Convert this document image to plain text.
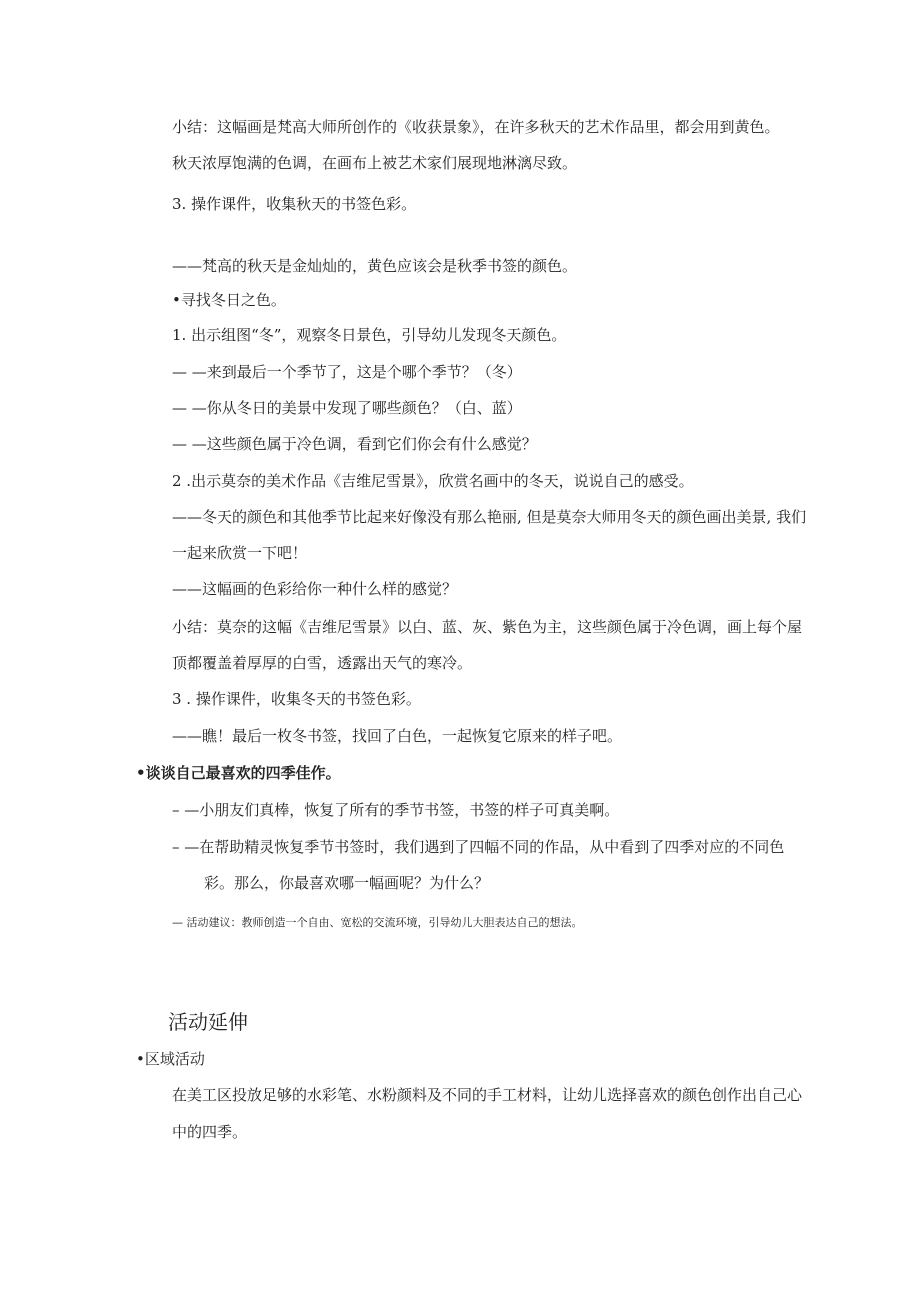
小结：这幅画是梵高大师所创作的《收获景象》，在许多秋天的艺术作品里，都会用到黄色。

秋天浓厚饱满的色调，在画布上被艺术家们展现地淋漓尽致。

3. 操作课件，收集秋天的书签色彩。

——梵高的秋天是金灿灿的，黄色应该会是秋季书签的颜色。

•寻找冬日之色。

1. 出示组图“冬”，观察冬日景色，引导幼儿发现冬天颜色。

— —来到最后一个季节了，这是个哪个季节？（冬）

— —你从冬日的美景中发现了哪些颜色？（白、蓝）

— —这些颜色属于冷色调，看到它们你会有什么感觉？

2 .出示莫奈的美术作品《吉维尼雪景》，欣赏名画中的冬天，说说自己的感受。

——冬天的颜色和其他季节比起来好像没有那么艳丽, 但是莫奈大师用冬天的颜色画出美景, 我们

一起来欣赏一下吧！

——这幅画的色彩给你一种什么样的感觉？

小结：莫奈的这幅《吉维尼雪景》以白、蓝、灰、紫色为主，这些颜色属于冷色调，画上每个屋

顶都覆盖着厚厚的白雪，透露出天气的寒冷。

3 . 操作课件，收集冬天的书签色彩。

——瞧！最后一枚冬书签，找回了白色，一起恢复它原来的样子吧。

•谈谈自己最喜欢的四季佳作。

– —小朋友们真棒，恢复了所有的季节书签，书签的样子可真美啊。

– —在帮助精灵恢复季节书签时，我们遇到了四幅不同的作品，从中看到了四季对应的不同色

彩。那么，你最喜欢哪一幅画呢？为什么？

— 活动建议：教师创造一个自由、宽松的交流环境，引导幼儿大胆表达自己的想法。

活动延伸

•区域活动

在美工区投放足够的水彩笔、水粉颜料及不同的手工材料，让幼儿选择喜欢的颜色创作出自己心

中的四季。
